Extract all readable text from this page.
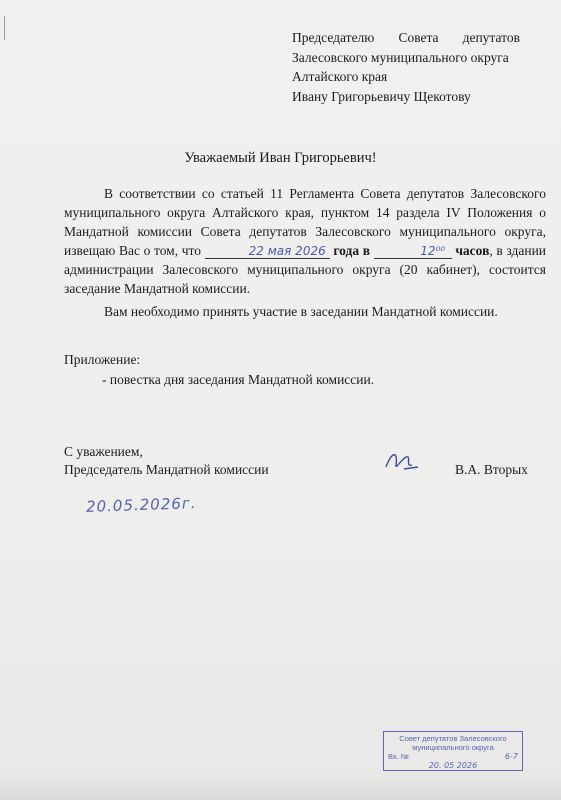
Председателю Совета депутатов
Залесовского муниципального округа
Алтайского края
Ивану Григорьевичу Щекотову
Уважаемый Иван Григорьевич!

В соответствии со статьей 11 Регламента Совета депутатов Залесовского муниципального округа Алтайского края, пунктом 14 раздела IV Положения о Мандатной комиссии Совета депутатов Залесовского муниципального округа, извещаю Вас о том, что	22 мая 2026 года в	12⁰⁰ часов, в здании администрации Залесовского муниципального округа (20 кабинет), состоится заседание Мандатной комиссии.

Вам необходимо принять участие в заседании Мандатной комиссии.

Приложение:
- повестка дня заседания Мандатной комиссии.
С уважением,
Председатель Мандатной комиссии	В.А. Вторых
20.05.2026г.
Совет депутатов Залесовского
муниципального округа
Вх. №	6-7
20. 05 2026
